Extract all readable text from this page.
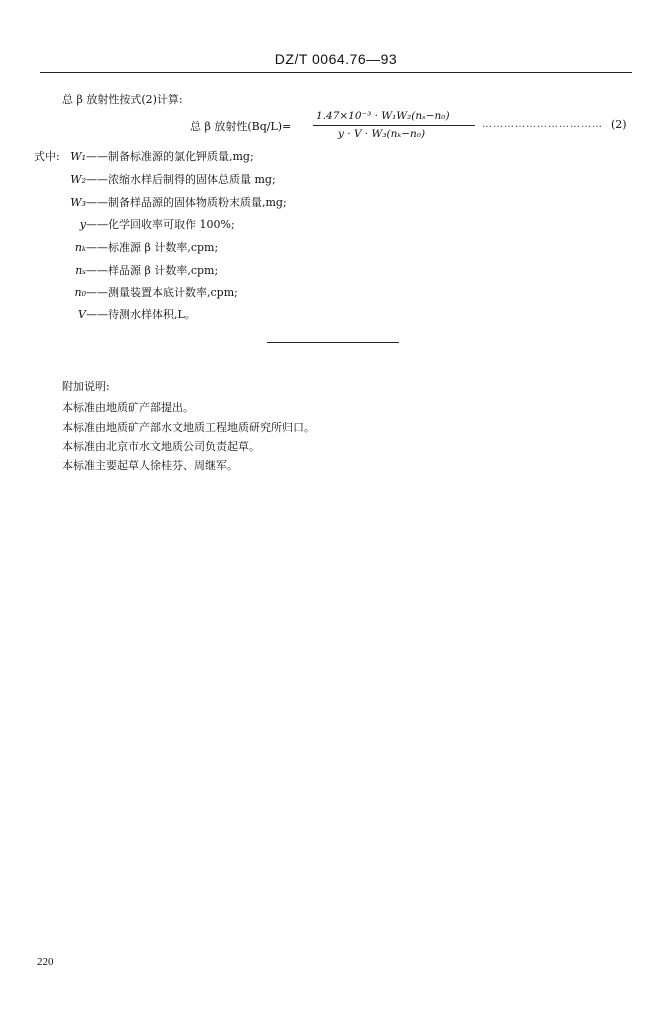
DZ/T 0064.76—93
总 β 放射性按式(2)计算:
总 β 放射性(Bq/L)=
1.47×10⁻³ · W₁W₂(nₛ−n₀)
y · V · W₃(nₖ−n₀)
…………………………… (2)
式中: W₁——制备标准源的氯化钾质量,mg;
W₂——浓缩水样后制得的固体总质量 mg;
W₃——制备样品源的固体物质粉末质量,mg;
y——化学回收率可取作 100%;
nₖ——标准源 β 计数率,cpm;
nₛ——样品源 β 计数率,cpm;
n₀——测量装置本底计数率,cpm;
V——待测水样体积,L。
附加说明:
本标准由地质矿产部提出。
本标准由地质矿产部水文地质工程地质研究所归口。
本标准由北京市水文地质公司负责起草。
本标准主要起草人徐桂芬、周继军。
220
